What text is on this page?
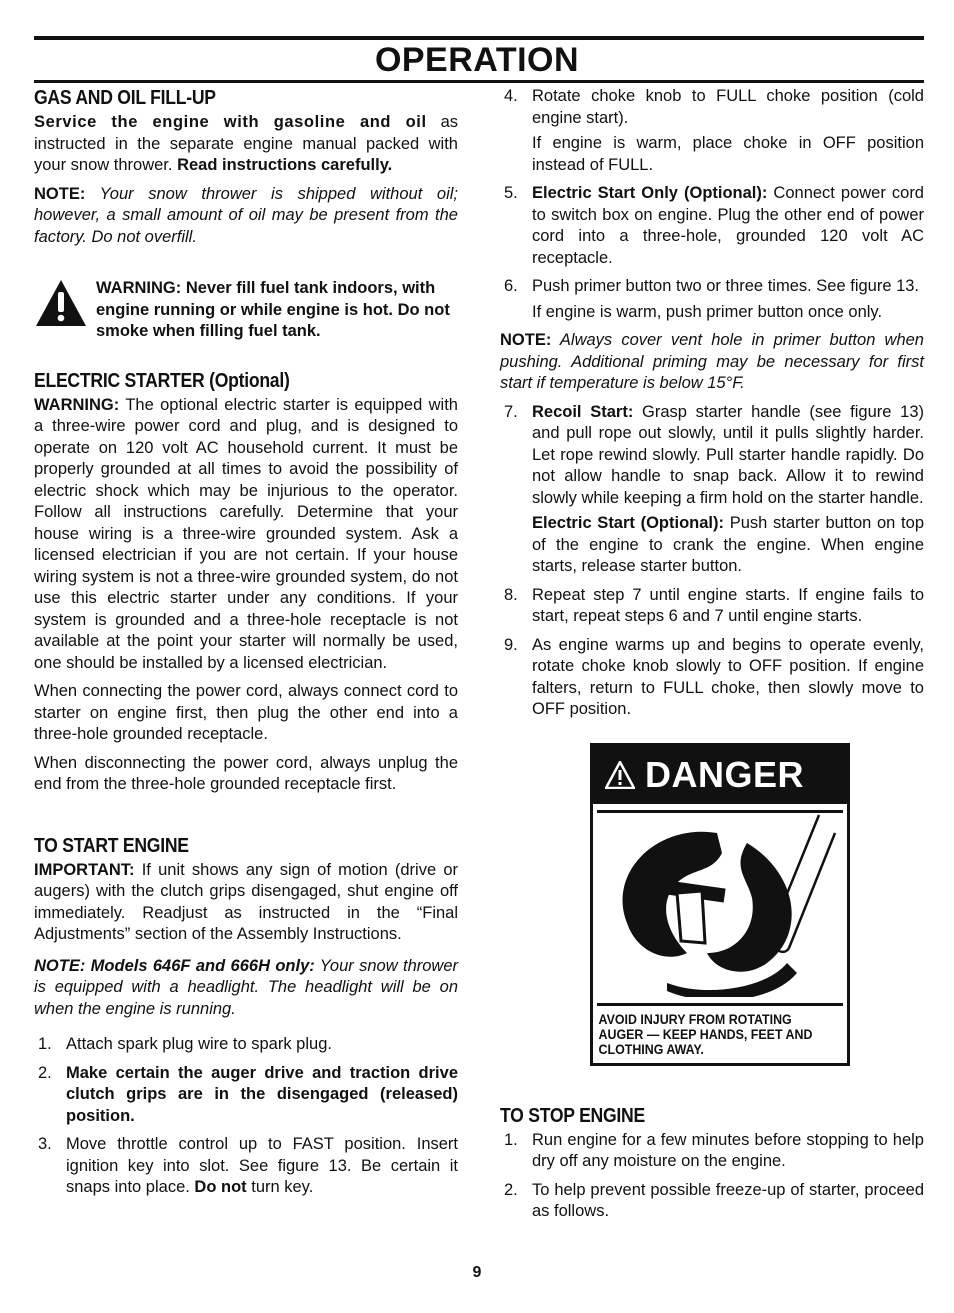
OPERATION
GAS AND OIL FILL-UP

Service the engine with gasoline and oil as instructed in the separate engine manual packed with your snow thrower. Read instructions carefully.

NOTE: Your snow thrower is shipped without oil; however, a small amount of oil may be present from the factory. Do not overfill.

WARNING: Never fill fuel tank indoors, with engine running or while engine is hot. Do not smoke when filling fuel tank.
ELECTRIC STARTER (Optional)

WARNING: The optional electric starter is equipped with a three-wire power cord and plug, and is designed to operate on 120 volt AC household current. It must be properly grounded at all times to avoid the possibility of electric shock which may be injurious to the operator. Follow all instructions carefully. Determine that your house wiring is a three-wire grounded system. Ask a licensed electrician if you are not certain. If your house wiring system is not a three-wire grounded system, do not use this electric starter under any conditions. If your system is grounded and a three-hole receptacle is not available at the point your starter will normally be used, one should be installed by a licensed electrician.

When connecting the power cord, always connect cord to starter on engine first, then plug the other end into a three-hole grounded receptacle.

When disconnecting the power cord, always unplug the end from the three-hole grounded receptacle first.

TO START ENGINE

IMPORTANT: If unit shows any sign of motion (drive or augers) with the clutch grips disengaged, shut engine off immediately. Readjust as instructed in the “Final Adjustments” section of the Assembly Instructions.

NOTE: Models 646F and 666H only: Your snow thrower is equipped with a headlight. The headlight will be on when the engine is running.

1. Attach spark plug wire to spark plug.
2. Make certain the auger drive and traction drive clutch grips are in the disengaged (released) position.
3. Move throttle control up to FAST position. Insert ignition key into slot. See figure 13. Be certain it snaps into place. Do not turn key.
4. Rotate choke knob to FULL choke position (cold engine start).
If engine is warm, place choke in OFF position instead of FULL.
5. Electric Start Only (Optional): Connect power cord to switch box on engine. Plug the other end of power cord into a three-hole, grounded 120 volt AC receptacle.
6. Push primer button two or three times. See figure 13.
If engine is warm, push primer button once only.

NOTE: Always cover vent hole in primer button when pushing. Additional priming may be necessary for first start if temperature is below 15°F.

7. Recoil Start: Grasp starter handle (see figure 13) and pull rope out slowly, until it pulls slightly harder. Let rope rewind slowly. Pull starter handle rapidly. Do not allow handle to snap back. Allow it to rewind slowly while keeping a firm hold on the starter handle.
Electric Start (Optional): Push starter button on top of the engine to crank the engine. When engine starts, release starter button.
8. Repeat step 7 until engine starts. If engine fails to start, repeat steps 6 and 7 until engine starts.
9. As engine warms up and begins to operate evenly, rotate choke knob slowly to OFF position. If engine falters, return to FULL choke, then slowly move to OFF position.
DANGER
AVOID INJURY FROM ROTATING AUGER — KEEP HANDS, FEET AND CLOTHING AWAY.
TO STOP ENGINE
1. Run engine for a few minutes before stopping to help dry off any moisture on the engine.
2. To help prevent possible freeze-up of starter, proceed as follows.
9
